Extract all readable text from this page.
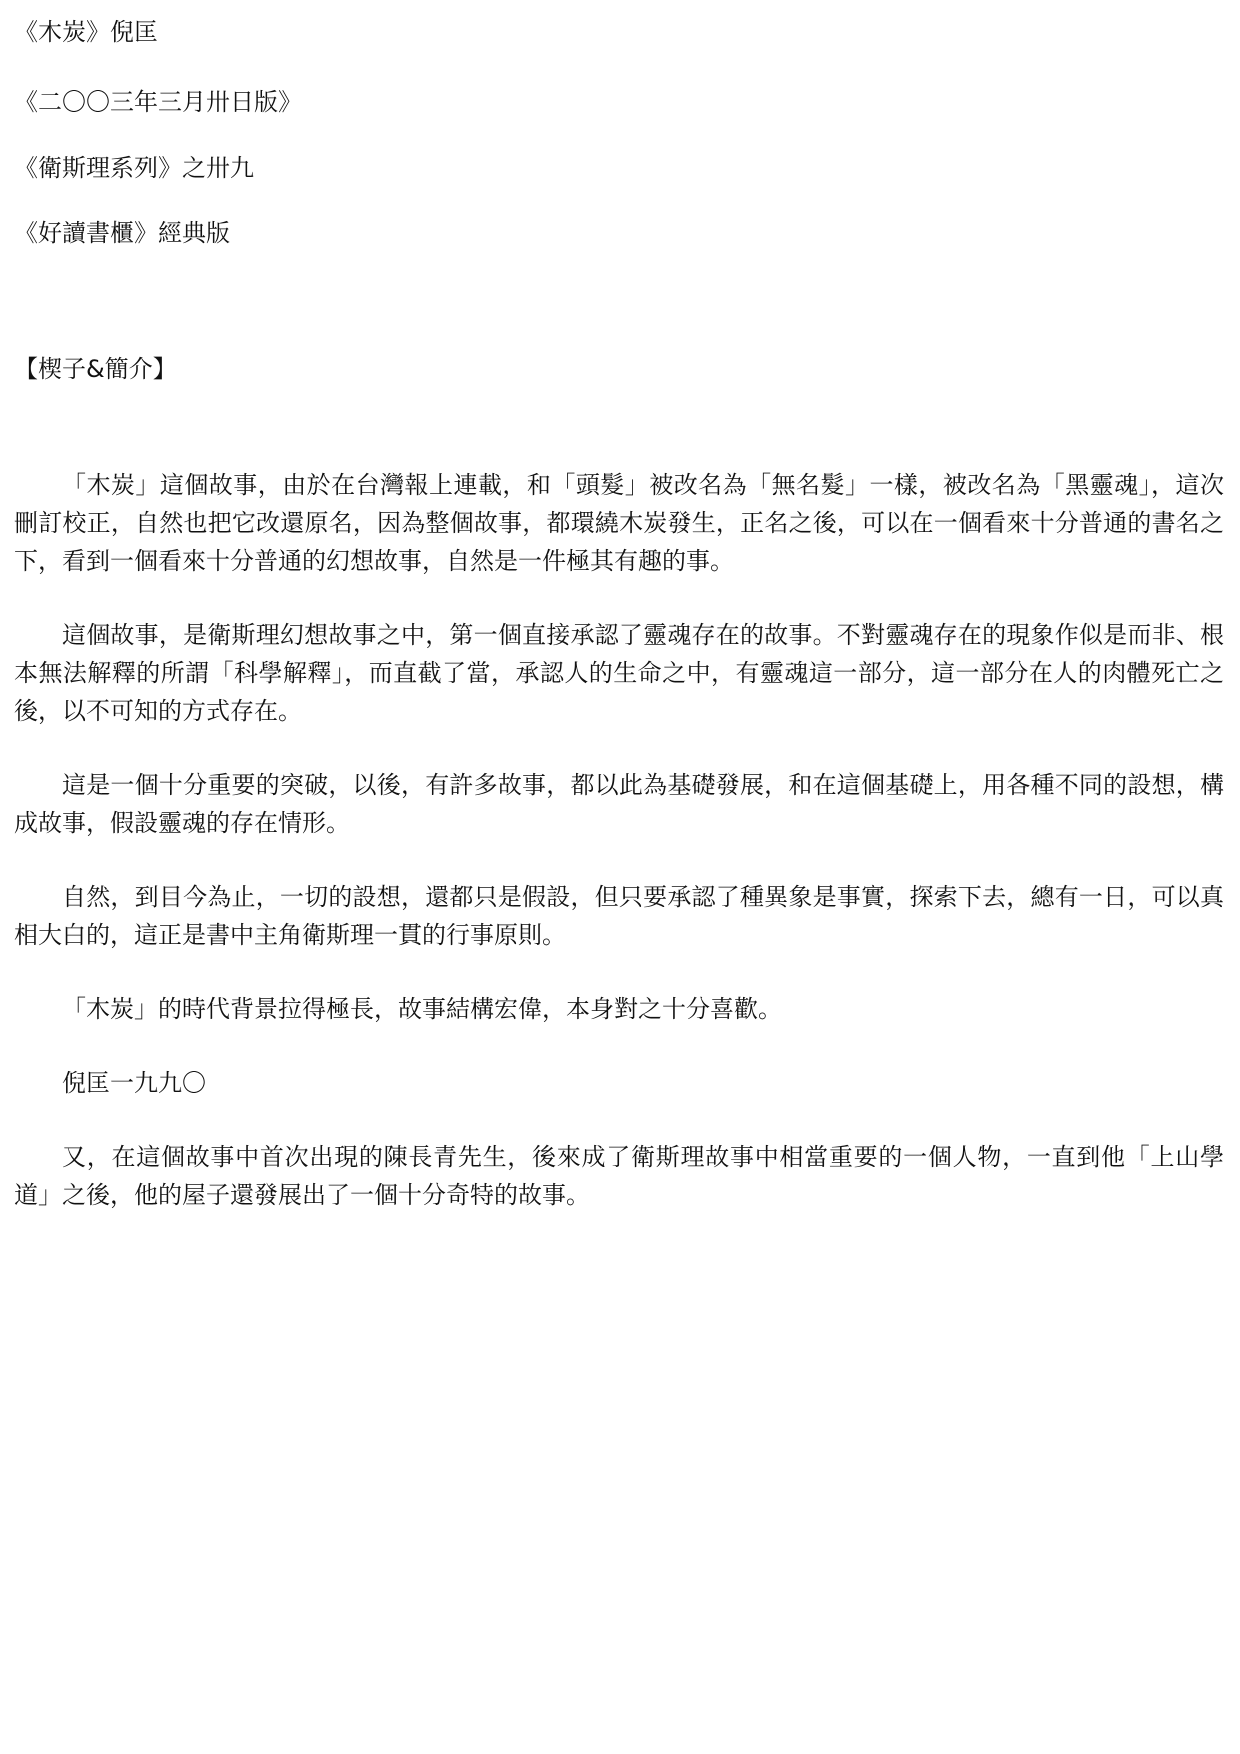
《木炭》倪匡
《二〇〇三年三月卅日版》
《衛斯理系列》之卅九
《好讀書櫃》經典版
【楔子&簡介】

「木炭」這個故事，由於在台灣報上連載，和「頭髮」被改名為「無名髮」一樣，被改名為「黑靈魂」，這次刪訂校正，自然也把它改還原名，因為整個故事，都環繞木炭發生，正名之後，可以在一個看來十分普通的書名之下，看到一個看來十分普通的幻想故事，自然是一件極其有趣的事。

這個故事，是衛斯理幻想故事之中，第一個直接承認了靈魂存在的故事。不對靈魂存在的現象作似是而非、根本無法解釋的所謂「科學解釋」，而直截了當，承認人的生命之中，有靈魂這一部分，這一部分在人的肉體死亡之後，以不可知的方式存在。

這是一個十分重要的突破，以後，有許多故事，都以此為基礎發展，和在這個基礎上，用各種不同的設想，構成故事，假設靈魂的存在情形。

自然，到目今為止，一切的設想，還都只是假設，但只要承認了種異象是事實，探索下去，總有一日，可以真相大白的，這正是書中主角衛斯理一貫的行事原則。

「木炭」的時代背景拉得極長，故事結構宏偉，本身對之十分喜歡。

倪匡一九九〇

又，在這個故事中首次出現的陳長青先生，後來成了衛斯理故事中相當重要的一個人物，一直到他「上山學道」之後，他的屋子還發展出了一個十分奇特的故事。
